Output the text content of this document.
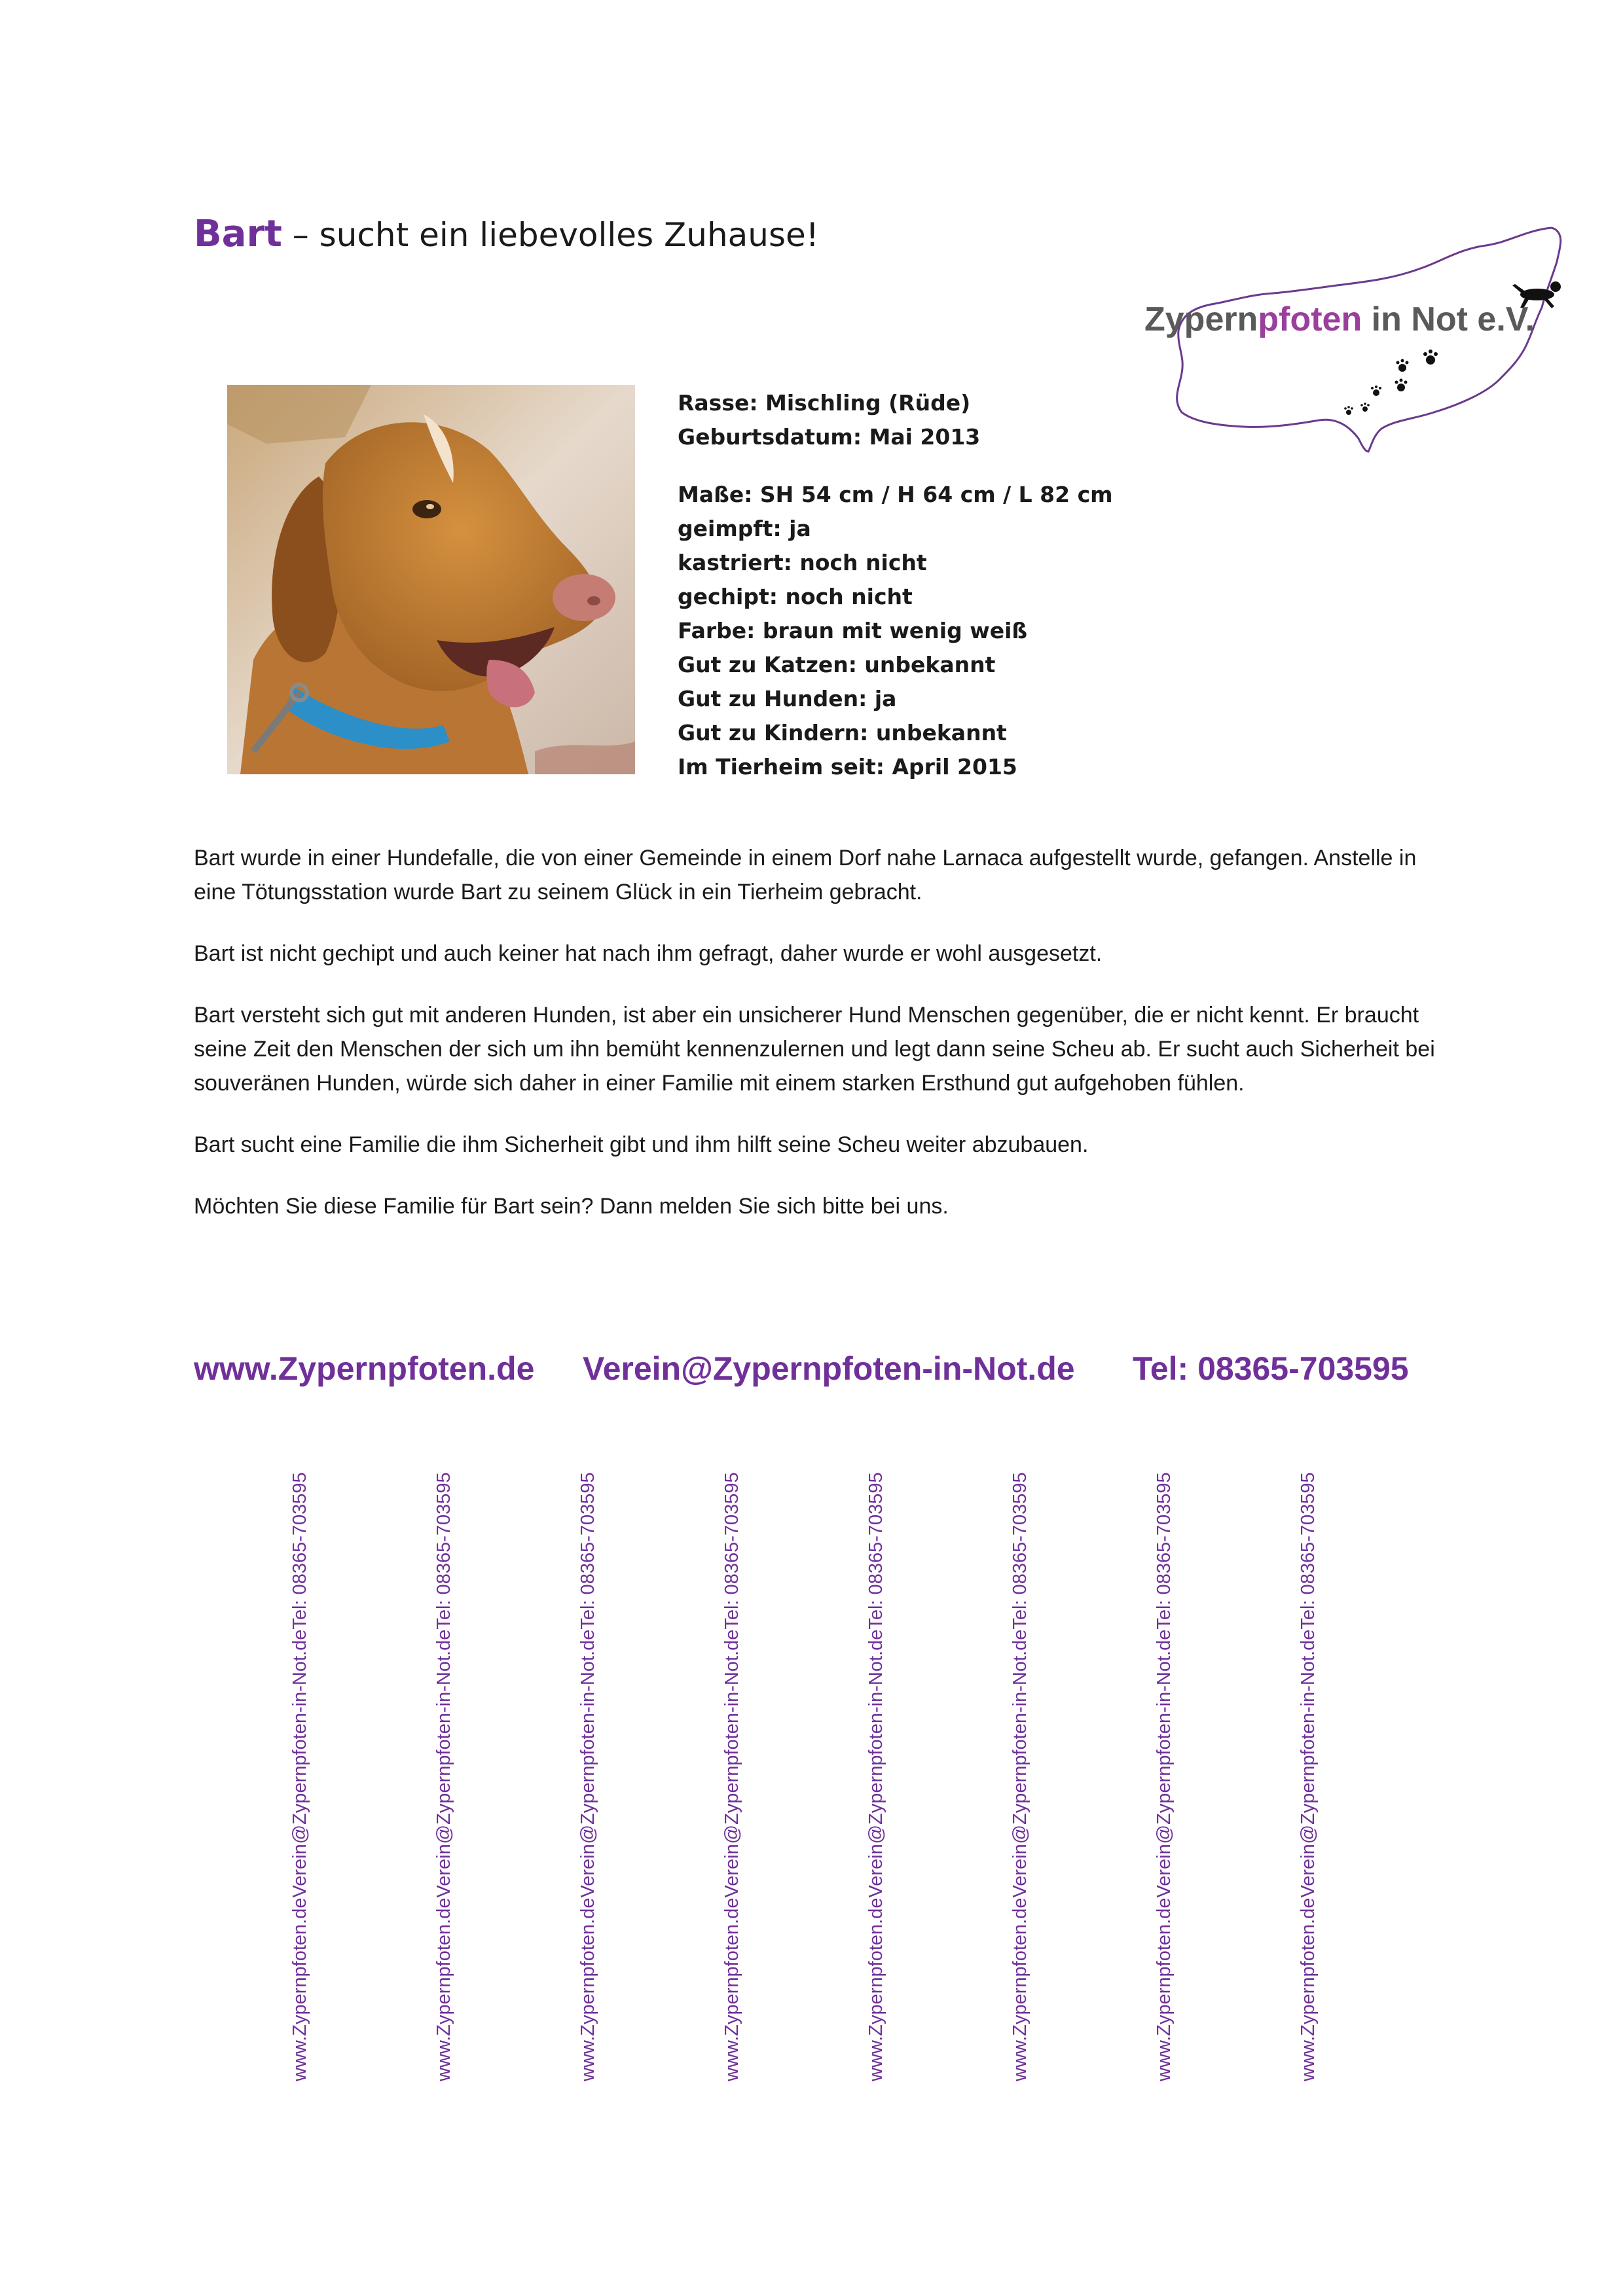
Bart – sucht ein liebevolles Zuhause!
Zypernpfoten in Not e.V.
Rasse: Mischling (Rüde)
Geburtsdatum: Mai 2013
Maße: SH 54 cm / H 64 cm / L 82 cm
geimpft: ja
kastriert: noch nicht
gechipt: noch nicht
Farbe: braun mit wenig weiß
Gut zu Katzen: unbekannt
Gut zu Hunden: ja
Gut zu Kindern: unbekannt
Im Tierheim seit: April 2015

Bart wurde in einer Hundefalle, die von einer Gemeinde in einem Dorf nahe Larnaca aufgestellt wurde, gefangen. Anstelle in eine Tötungsstation wurde Bart zu seinem Glück in ein Tierheim gebracht.

Bart ist nicht gechipt und auch keiner hat nach ihm gefragt, daher wurde er wohl ausgesetzt.

Bart versteht sich gut mit anderen Hunden, ist aber ein unsicherer Hund Menschen gegenüber, die er nicht kennt. Er braucht seine Zeit den Menschen der sich um ihn bemüht kennenzulernen und legt dann seine Scheu ab. Er sucht auch Sicherheit bei souveränen Hunden, würde sich daher in einer Familie mit einem starken Ersthund gut aufgehoben fühlen.

Bart sucht eine Familie die ihm Sicherheit gibt und ihm hilft seine Scheu weiter abzubauen.

Möchten Sie diese Familie für Bart sein? Dann melden Sie sich bitte bei uns.

www.Zypernpfoten.de Verein@Zypernpfoten-in-Not.de Tel: 08365-703595
www.Zypernpfoten.de
Verein@Zypernpfoten-in-Not.de
Tel: 08365-703595
www.Zypernpfoten.de
Verein@Zypernpfoten-in-Not.de
Tel: 08365-703595
www.Zypernpfoten.de
Verein@Zypernpfoten-in-Not.de
Tel: 08365-703595
www.Zypernpfoten.de
Verein@Zypernpfoten-in-Not.de
Tel: 08365-703595
www.Zypernpfoten.de
Verein@Zypernpfoten-in-Not.de
Tel: 08365-703595
www.Zypernpfoten.de
Verein@Zypernpfoten-in-Not.de
Tel: 08365-703595
www.Zypernpfoten.de
Verein@Zypernpfoten-in-Not.de
Tel: 08365-703595
www.Zypernpfoten.de
Verein@Zypernpfoten-in-Not.de
Tel: 08365-703595
